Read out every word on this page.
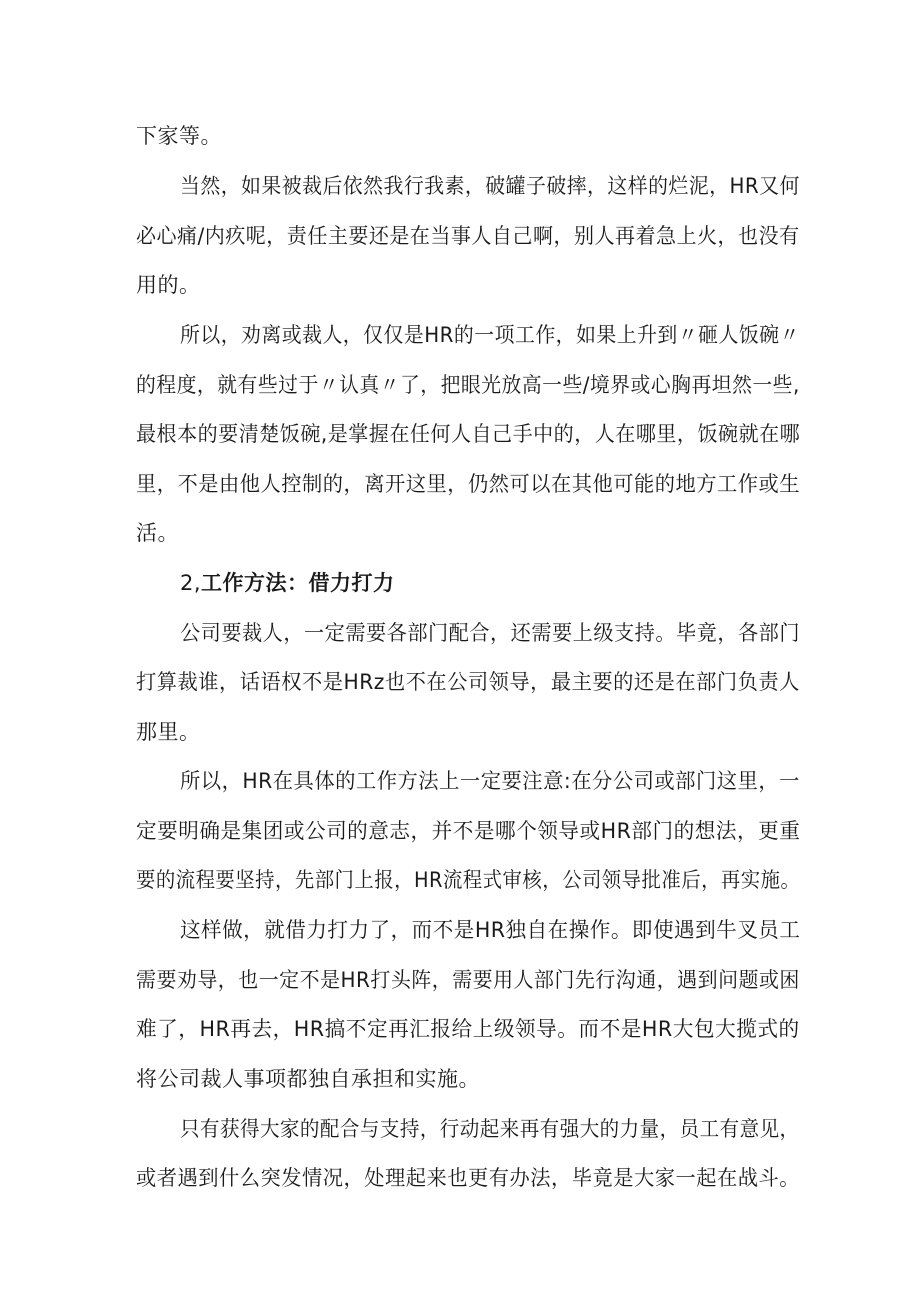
下家等。
当然，如果被裁后依然我行我素，破罐子破摔，这样的烂泥，HR又何
必心痛/内疚呢，责任主要还是在当事人自己啊，别人再着急上火，也没有
用的。
所以，劝离或裁人，仅仅是HR的一项工作，如果上升到〃砸人饭碗〃
的程度，就有些过于〃认真〃了，把眼光放高一些/境界或心胸再坦然一些,
最根本的要清楚饭碗,是掌握在任何人自己手中的，人在哪里，饭碗就在哪
里，不是由他人控制的，离开这里，仍然可以在其他可能的地方工作或生
活。
2,工作方法：借力打力
公司要裁人，一定需要各部门配合，还需要上级支持。毕竟，各部门
打算裁谁，话语权不是HRz也不在公司领导，最主要的还是在部门负责人
那里。
所以，HR在具体的工作方法上一定要注意:在分公司或部门这里，一
定要明确是集团或公司的意志，并不是哪个领导或HR部门的想法，更重
要的流程要坚持，先部门上报，HR流程式审核，公司领导批准后，再实施。
这样做，就借力打力了，而不是HR独自在操作。即使遇到牛叉员工
需要劝导，也一定不是HR打头阵，需要用人部门先行沟通，遇到问题或困
难了，HR再去，HR搞不定再汇报给上级领导。而不是HR大包大揽式的
将公司裁人事项都独自承担和实施。
只有获得大家的配合与支持，行动起来再有强大的力量，员工有意见，
或者遇到什么突发情况，处理起来也更有办法，毕竟是大家一起在战斗。
